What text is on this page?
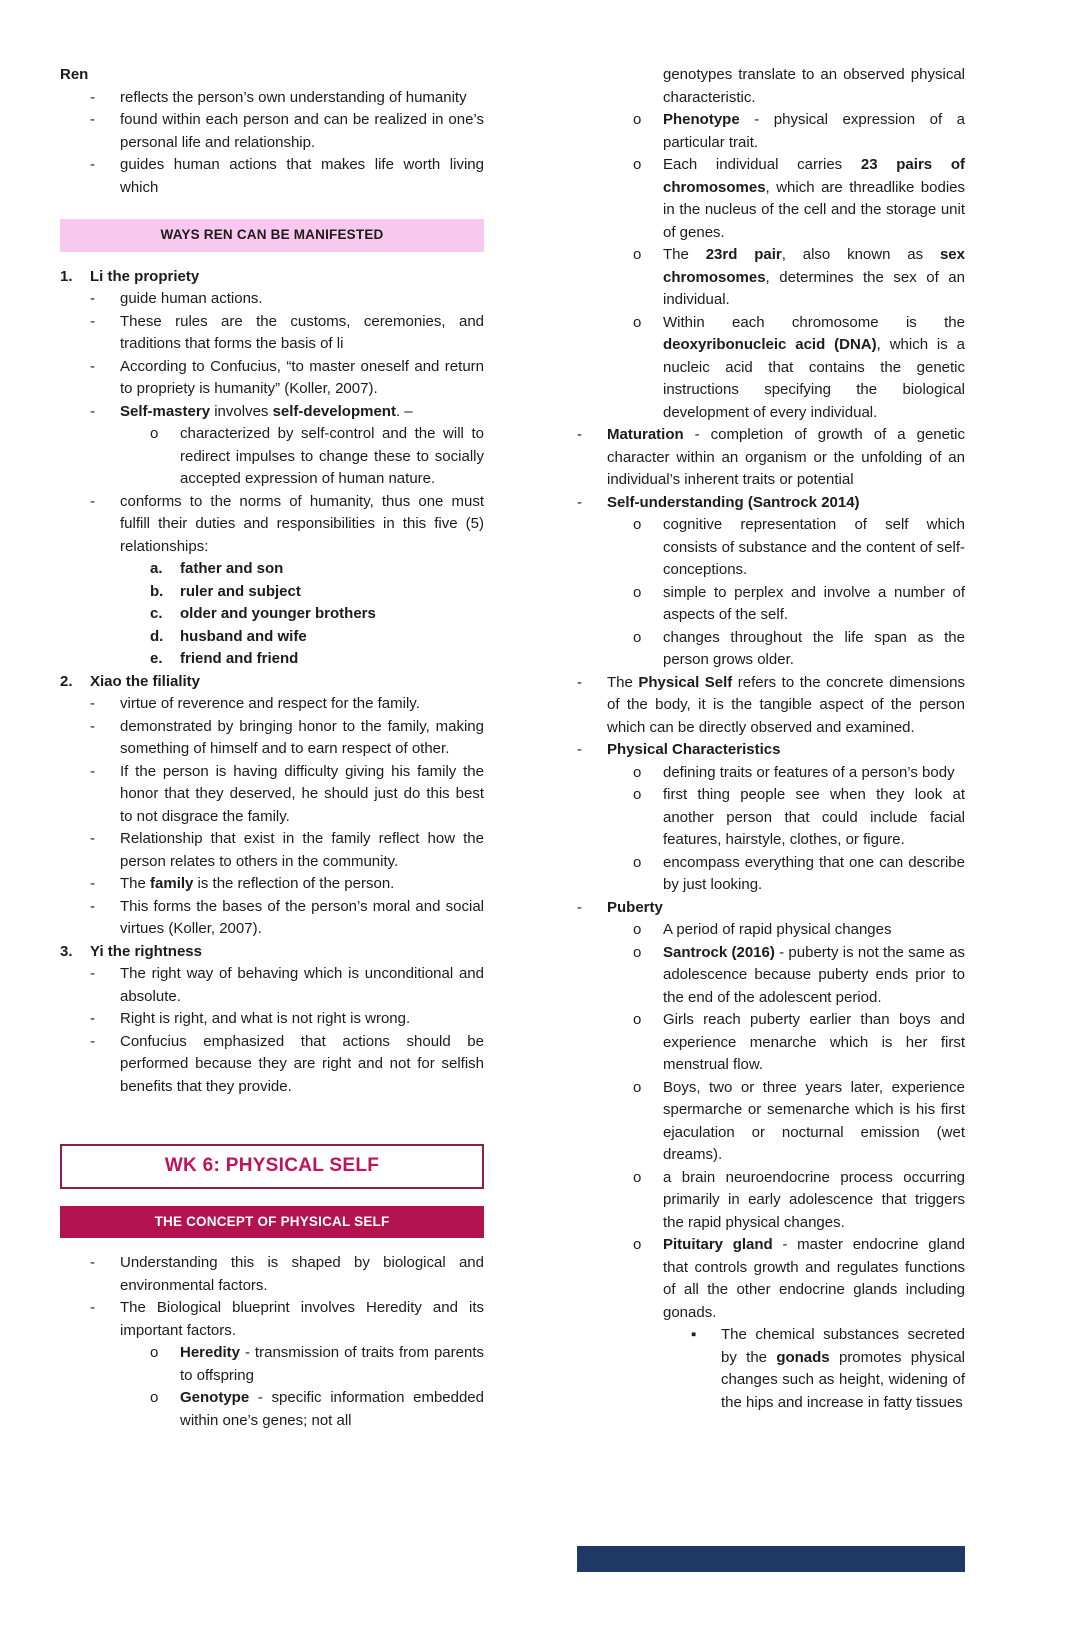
Ren
-	reflects the person’s own understanding of humanity
-	found within each person and can be realized in one’s personal life and relationship.
-	guides human actions that makes life worth living which
WAYS REN CAN BE MANIFESTED
1.	Li the propriety
-	guide human actions.
-	These rules are the customs, ceremonies, and traditions that forms the basis of li
-	According to Confucius, “to master oneself and return to propriety is humanity” (Koller, 2007).
-	Self-mastery involves self-development. –
o	characterized by self-control and the will to redirect impulses to change these to socially accepted expression of human nature.
-	conforms to the norms of humanity, thus one must fulfill their duties and responsibilities in this five (5) relationships:
a.	father and son
b.	ruler and subject
c.	older and younger brothers
d.	husband and wife
e.	friend and friend
2.	Xiao the filiality
-	virtue of reverence and respect for the family.
-	demonstrated by bringing honor to the family, making something of himself and to earn respect of other.
-	If the person is having difficulty giving his family the honor that they deserved, he should just do this best to not disgrace the family.
-	Relationship that exist in the family reflect how the person relates to others in the community.
-	The family is the reflection of the person.
-	This forms the bases of the person’s moral and social virtues (Koller, 2007).
3.	Yi the rightness
-	The right way of behaving which is unconditional and absolute.
-	Right is right, and what is not right is wrong.
-	Confucius emphasized that actions should be performed because they are right and not for selfish benefits that they provide.
WK 6: PHYSICAL SELF
THE CONCEPT OF PHYSICAL SELF
-	Understanding this is shaped by biological and environmental factors.
-	The Biological blueprint involves Heredity and its important factors.
o	Heredity - transmission of traits from parents to offspring
o	Genotype - specific information embedded within one’s genes; not all
genotypes translate to an observed physical characteristic.
o	Phenotype - physical expression of a particular trait.
o	Each individual carries 23 pairs of chromosomes, which are threadlike bodies in the nucleus of the cell and the storage unit of genes.
o	The 23rd pair, also known as sex chromosomes, determines the sex of an individual.
o	Within each chromosome is the deoxyribonucleic acid (DNA), which is a nucleic acid that contains the genetic instructions specifying the biological development of every individual.
-	Maturation - completion of growth of a genetic character within an organism or the unfolding of an individual’s inherent traits or potential
-	Self-understanding (Santrock 2014)
o	cognitive representation of self which consists of substance and the content of self-conceptions.
o	simple to perplex and involve a number of aspects of the self.
o	changes throughout the life span as the person grows older.
-	The Physical Self refers to the concrete dimensions of the body, it is the tangible aspect of the person which can be directly observed and examined.
-	Physical Characteristics
o	defining traits or features of a person’s body
o	first thing people see when they look at another person that could include facial features, hairstyle, clothes, or figure.
o	encompass everything that one can describe by just looking.
-	Puberty
o	A period of rapid physical changes
o	Santrock (2016) - puberty is not the same as adolescence because puberty ends prior to the end of the adolescent period.
o	Girls reach puberty earlier than boys and experience menarche which is her first menstrual flow.
o	Boys, two or three years later, experience spermarche or semenarche which is his first ejaculation or nocturnal emission (wet dreams).
o	a brain neuroendocrine process occurring primarily in early adolescence that triggers the rapid physical changes.
o	Pituitary gland - master endocrine gland that controls growth and regulates functions of all the other endocrine glands including gonads.
▪	The chemical substances secreted by the gonads promotes physical changes such as height, widening of the hips and increase in fatty tissues
